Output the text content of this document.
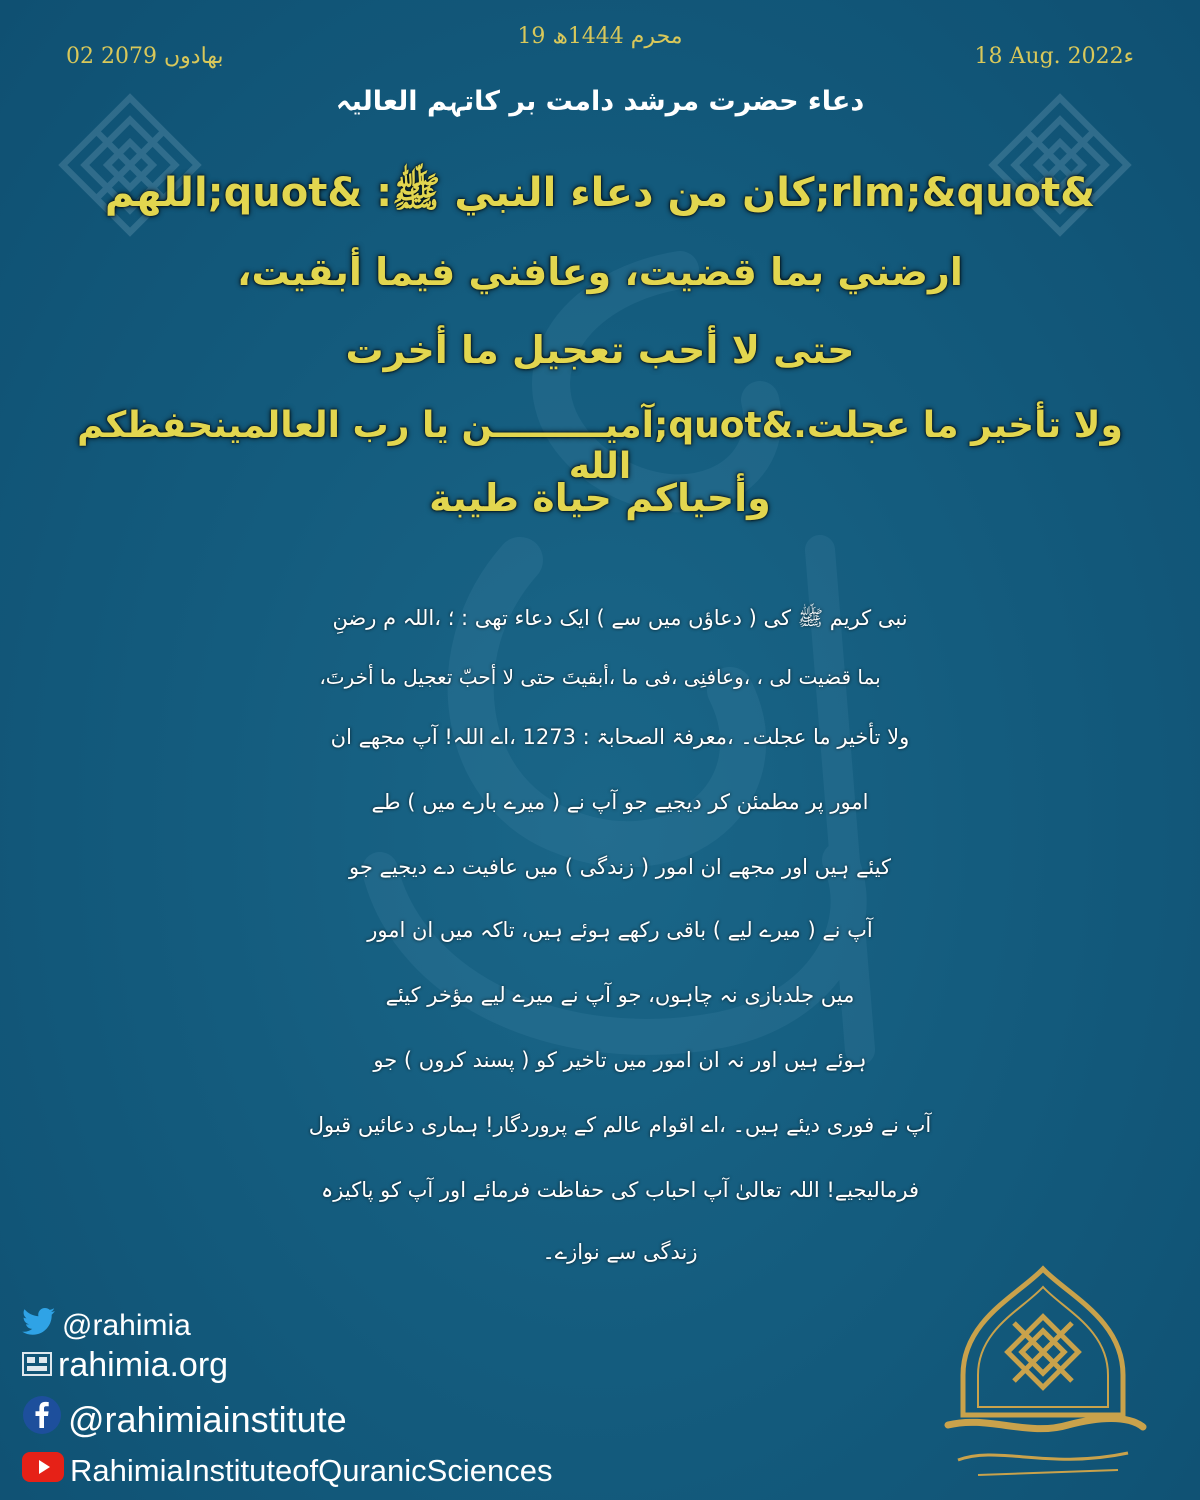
02 بھادوں 2079
19 محرم 1444ھ
18 Aug. 2022ء
دعاء حضرت مرشد دامت بر کاتہم العالیہ
&rlm;&quot;كان من دعاء النبي ﷺ: &quot;اللهم
ارضني بما قضيت، وعافني فيما أبقيت،
حتى لا أحب تعجيل ما أخرت
ولا تأخير ما عجلت.&quot;آمیـــــــــن یا رب العالمینحفظكم الله
وأحياكم حياة طيبة
نبی کریم ﷺ کی ( دعاؤں میں سے ) ایک دعاء تھی : ؛ ،اللہ م رضنِ
بما قضیت لی ، ،وعافنِی ،فی ما ،أبقیتَ حتی لا أحبّ تعجیل ما أخرتَ،
ولا تأخیر ما عجلت۔ ،معرفۃ الصحابۃ : 1273 ،اے اللہ! آپ مجھے ان
امور پر مطمئن کر دیجیے جو آپ نے ( میرے بارے میں ) طے
کیئے ہیں اور مجھے ان امور ( زندگی ) میں عافیت دے دیجیے جو
آپ نے ( میرے لیے ) باقی رکھے ہوئے ہیں، تاکہ میں ان امور
میں جلدبازی نہ چاہوں، جو آپ نے میرے لیے مؤخر کیئے
ہوئے ہیں اور نہ ان امور میں تاخیر کو ( پسند کروں ) جو
آپ نے فوری دیئے ہیں۔ ،اے اقوام عالم کے پروردگار! ہماری دعائیں قبول
فرمالیجیے! اللہ تعالیٰ آپ احباب کی حفاظت فرمائے اور آپ کو پاکیزہ
زندگی سے نوازے۔
@rahimia
rahimia.org
@rahimiainstitute
RahimiaInstituteofQuranicSciences
